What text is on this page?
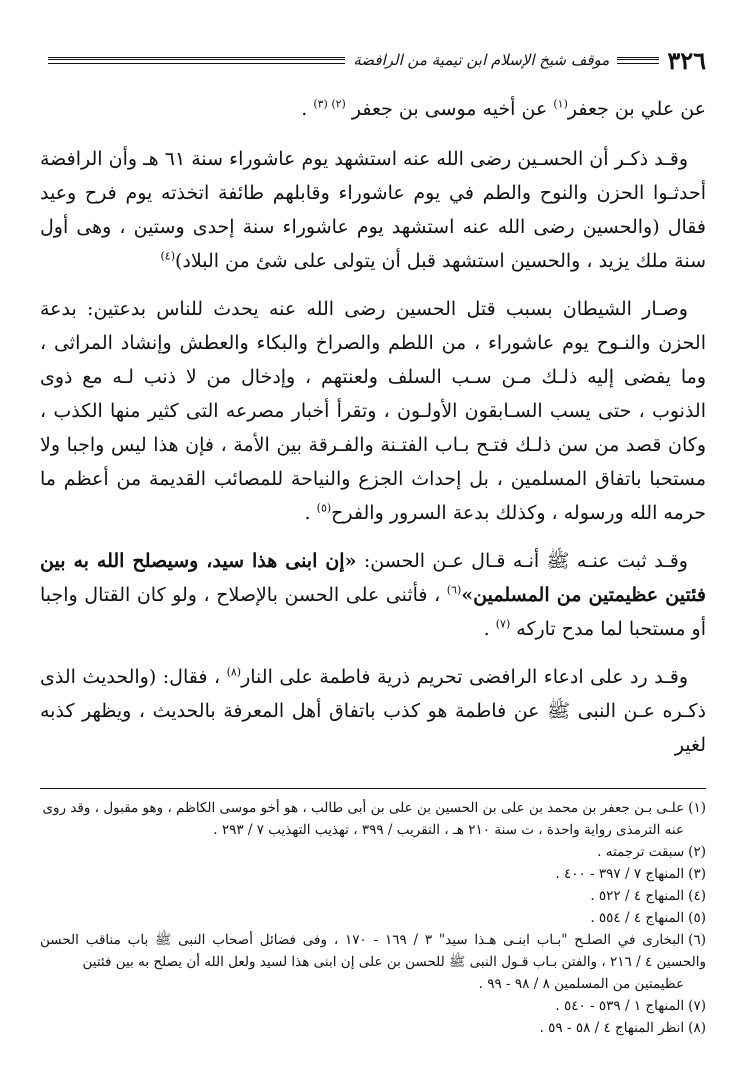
٣٢٦
موقف شيخ الإسلام ابن تيمية من الرافضة

عن علي بن جعفر$^{(١)}$ عن أخيه موسى بن جعفر $^{(٢) (٣)}$ .

وقـد ذكـر أن الحسـين رضى الله عنه استشهد يوم عاشوراء سنة ٦١ هـ وأن الرافضة أحدثـوا الحزن والنوح والطم في يوم عاشوراء وقابلهم طائفة اتخذته يوم فرح وعيد فقال (والحسين رضى الله عنه استشهد يوم عاشوراء سنة إحدى وستين ، وهى أول سنة ملك يزيد ، والحسين استشهد قبل أن يتولى على شئ من البلاد)$^{(٤)}$

وصـار الشيطان بسبب قتل الحسين رضى الله عنه يحدث للناس بدعتين: بدعة الحزن والنـوح يوم عاشوراء ، من اللطم والصراخ والبكاء والعطش وإنشاد المراثى ، وما يفضى إليه ذلـك مـن سـب السلف ولعنتهم ، وإدخال من لا ذنب لـه مع ذوى الذنوب ، حتى يسب السـابقون الأولـون ، وتقرأ أخبار مصرعه التى كثير منها الكذب ، وكان قصد من سن ذلـك فتـح بـاب الفتـنة والفـرقة بين الأمة ، فإن هذا ليس واجبا ولا مستحبا باتفاق المسلمين ، بل إحداث الجزع والنياحة للمصائب القديمة من أعظم ما حرمه الله ورسوله ، وكذلك بدعة السرور والفرح$^{(٥)}$ .

وقـد ثبت عنـه ﷺ أنـه قـال عـن الحسن: «إن ابنى هذا سيد، وسيصلح الله به بين فئتين عظيمتين من المسلمين»$^{(٦)}$ ، فأثنى على الحسن بالإصلاح ، ولو كان القتال واجبا أو مستحبا لما مدح تاركه $^{(٧)}$ .

وقـد رد على ادعاء الرافضى تحريم ذرية فاطمة على النار$^{(٨)}$ ، فقال: (والحديث الذى ذكـره عـن النبى ﷺ عن فاطمة هو كذب باتفاق أهل المعرفة بالحديث ، ويظهر كذبه لغير

(١)علـى بـن جعفر بن محمد بن على بن الحسين بن على بن أبى طالب ، هو أخو موسى الكاظم ، وهو مقبول ، وقد روى
عنه الترمذى رواية واحدة ، ت سنة ٢١٠ هـ ، التقريب / ٣٩٩ ، تهذيب التهذيب ٧ / ٢٩٣ .

(٢)سبقت ترجمته .

(٣)المنهاج ٧ / ٣٩٧ - ٤٠٠ .

(٤)المنهاج ٤ / ٥٢٢ .

(٥)المنهاج ٤ / ٥٥٤ .

(٦)البخارى في الصلـح "بـاب ابنـى هـذا سيد" ٣ / ١٦٩ - ١٧٠ ، وفى فضائل أصحاب النبى ﷺ باب مناقب الحسن والحسين ٤ / ٢١٦ ، والفتن بـاب قـول النبى ﷺ للحسن بن على إن ابنى هذا لسيد ولعل الله أن يصلح به بين فئتين
عظيمتين من المسلمين ٨ / ٩٨ - ٩٩ .

(٧)المنهاج ١ / ٥٣٩ - ٥٤٠ .

(٨)انظر المنهاج ٤ / ٥٨ - ٥٩ .
